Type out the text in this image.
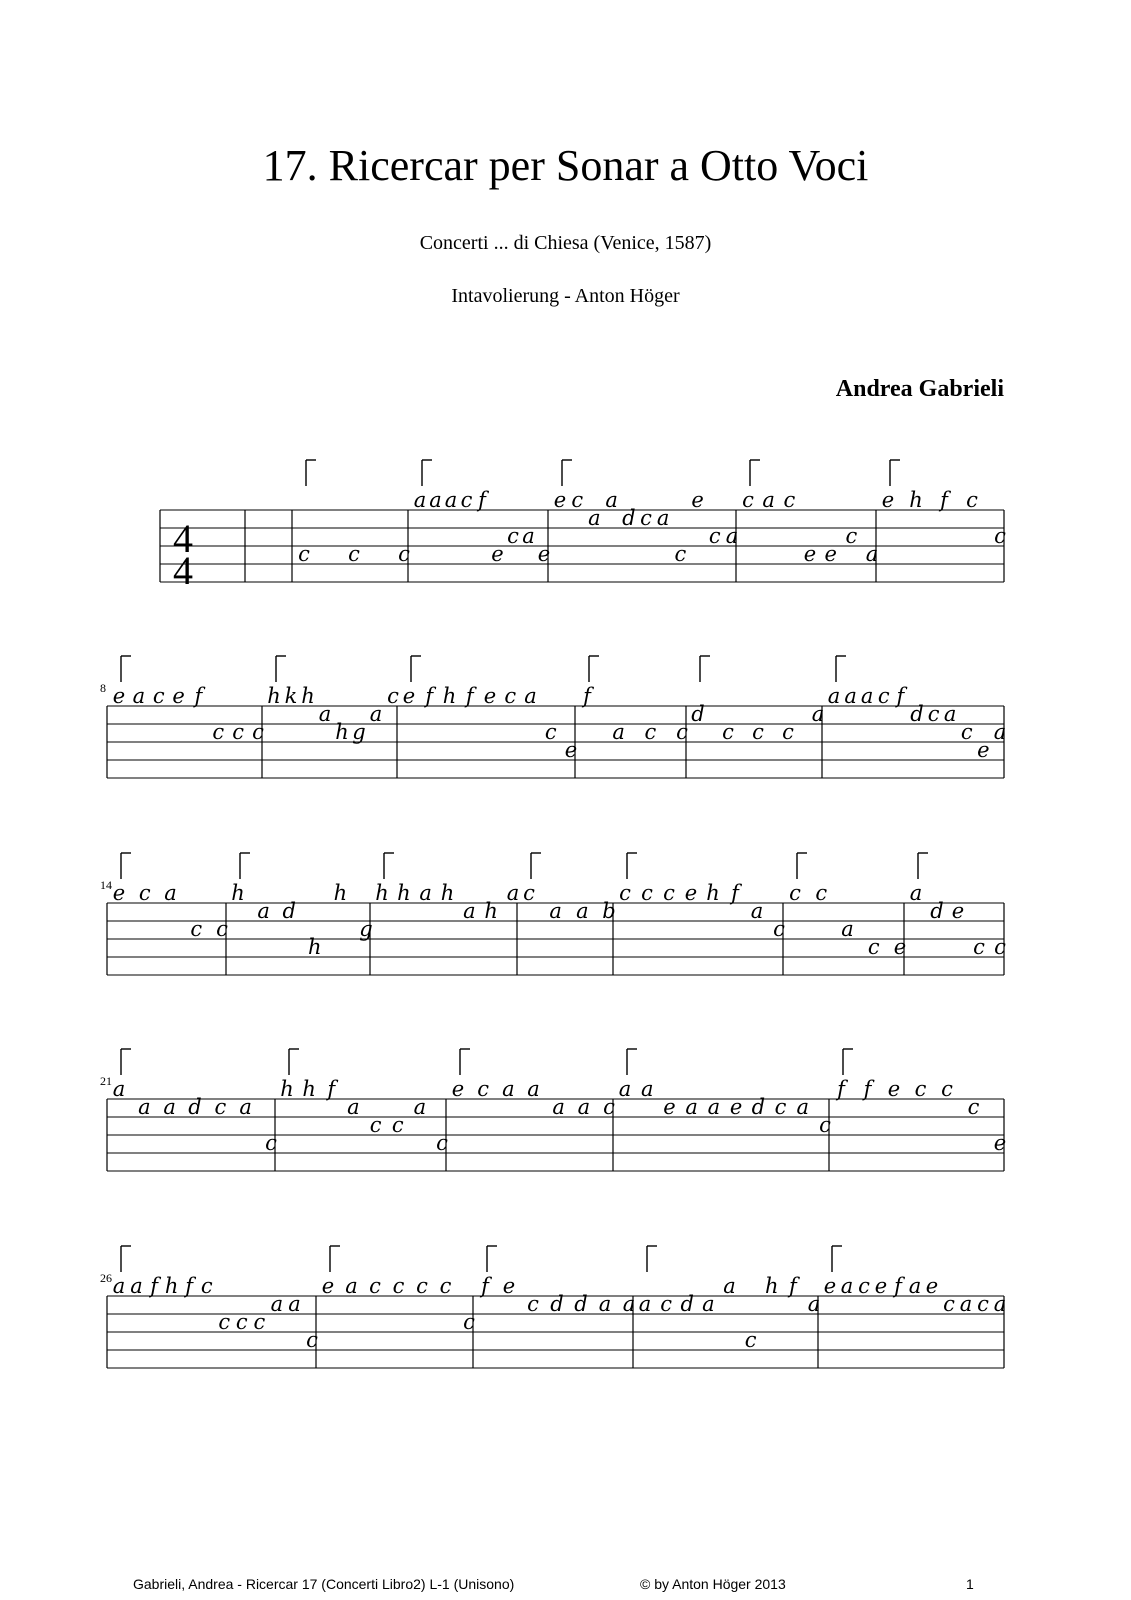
17. Ricercar per Sonar a Otto Voci
Concerti ... di Chiesa (Venice, 1587)
Intavolierung - Anton Höger
Andrea Gabrieli
4
4	c c c
a a a c f
e
c a
e
e c
a
a
d c a
c
e
c a
c a c
e e
c
a
e h f c
c
8 e a c e f
c c c
h k h
a
h g
a
c e f h f e c a
c
e
f
a c c
d
c c c
a
a a a c f
d c a
c
e
a
14 e c a
c c
h
a d
h
h
g
h h a h
a h
a c
a a b
c c c e h f
a
c
c c
a
c e
a
d e
c c
21 a
a a d c a
c
h h f
a
c c
a
c
e c a a
a a c
a a
e a a e d c a
c
f f e c c
c
e
26 a a f h f c
c c c
a a
c
e a c c c c
c
f e
c d d a a a c d a
a
c
h f
a
e a c e f a e
c a c a
Gabrieli, Andrea - Ricercar 17 (Concerti Libro2) L-1 (Unisono)	© by Anton Höger 2013	1
